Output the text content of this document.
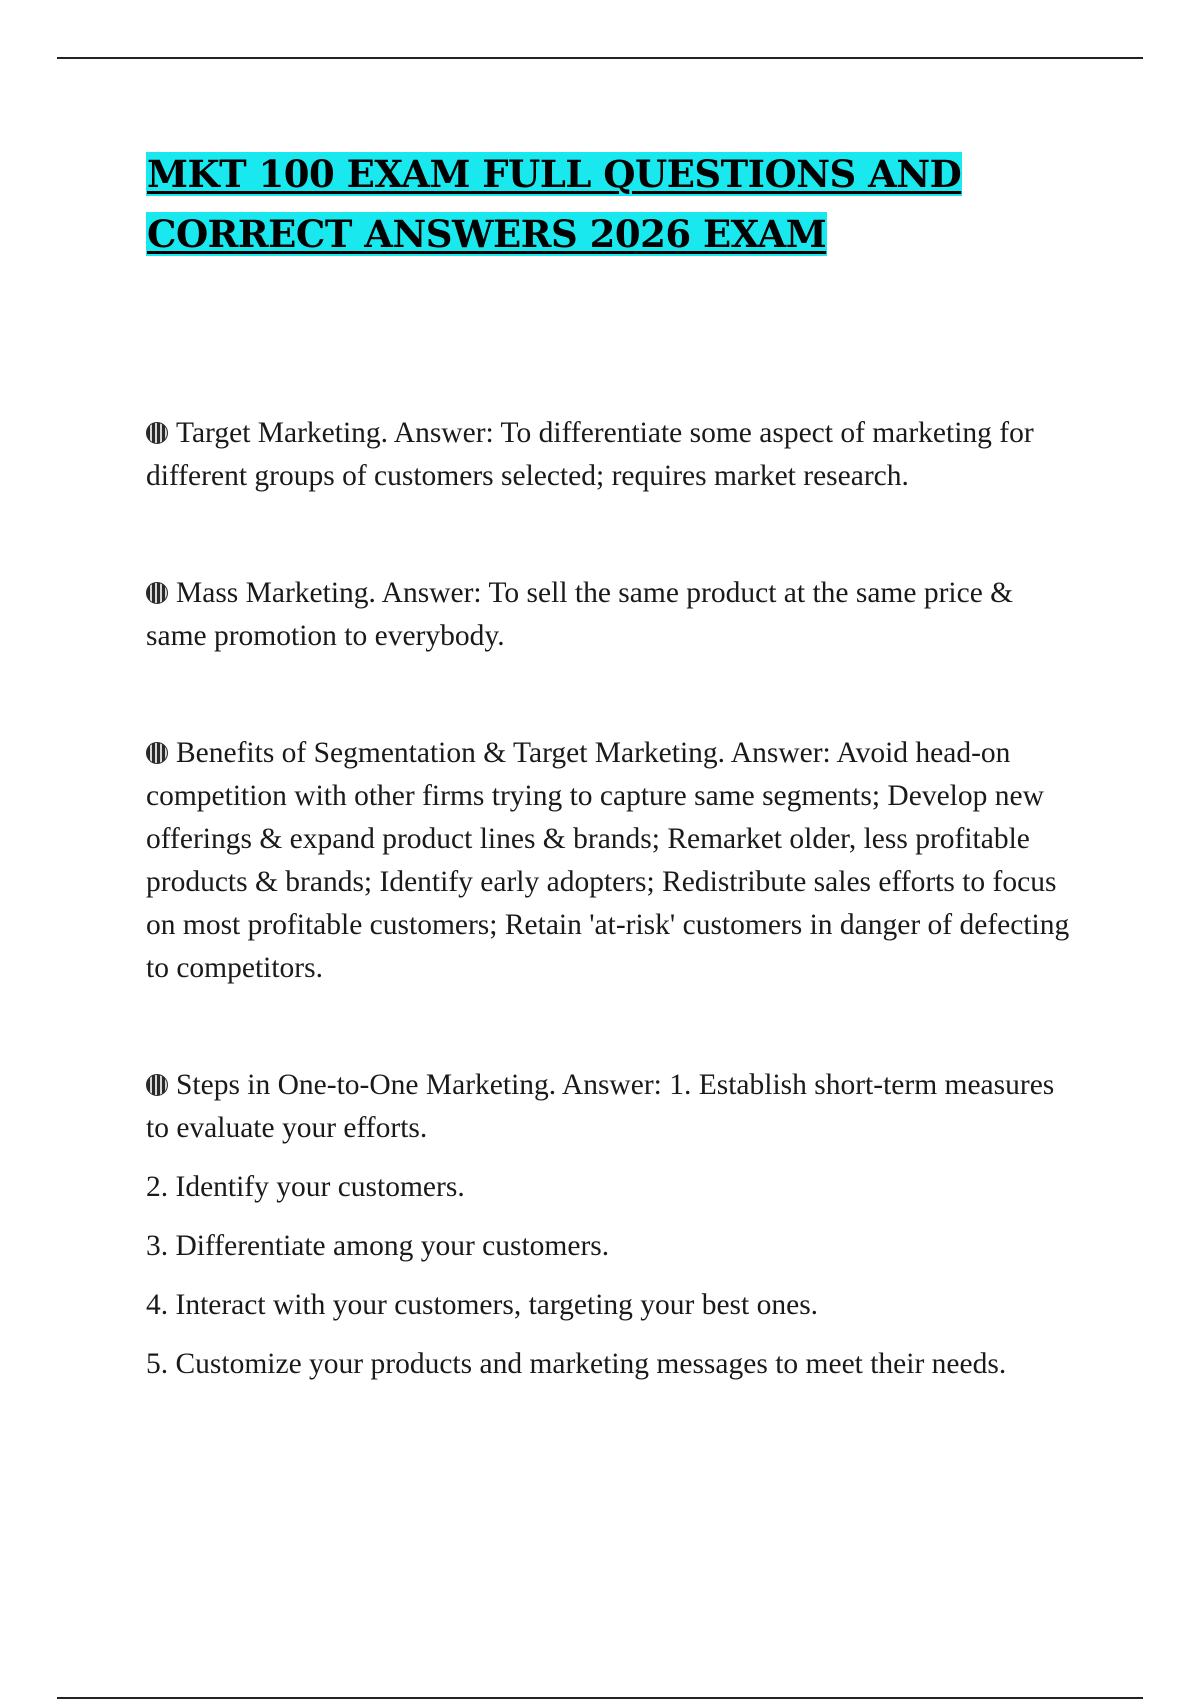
MKT 100 EXAM FULL QUESTIONS AND
CORRECT ANSWERS 2026 EXAM

Target Marketing. Answer: To differentiate some aspect of marketing for different groups of customers selected; requires market research.

Mass Marketing. Answer: To sell the same product at the same price & same promotion to everybody.

Benefits of Segmentation & Target Marketing. Answer: Avoid head-on competition with other firms trying to capture same segments; Develop new offerings & expand product lines & brands; Remarket older, less profitable products & brands; Identify early adopters; Redistribute sales efforts to focus on most profitable customers; Retain 'at-risk' customers in danger of defecting to competitors.

Steps in One-to-One Marketing. Answer: 1. Establish short-term measures to evaluate your efforts.

2. Identify your customers.

3. Differentiate among your customers.

4. Interact with your customers, targeting your best ones.

5. Customize your products and marketing messages to meet their needs.
